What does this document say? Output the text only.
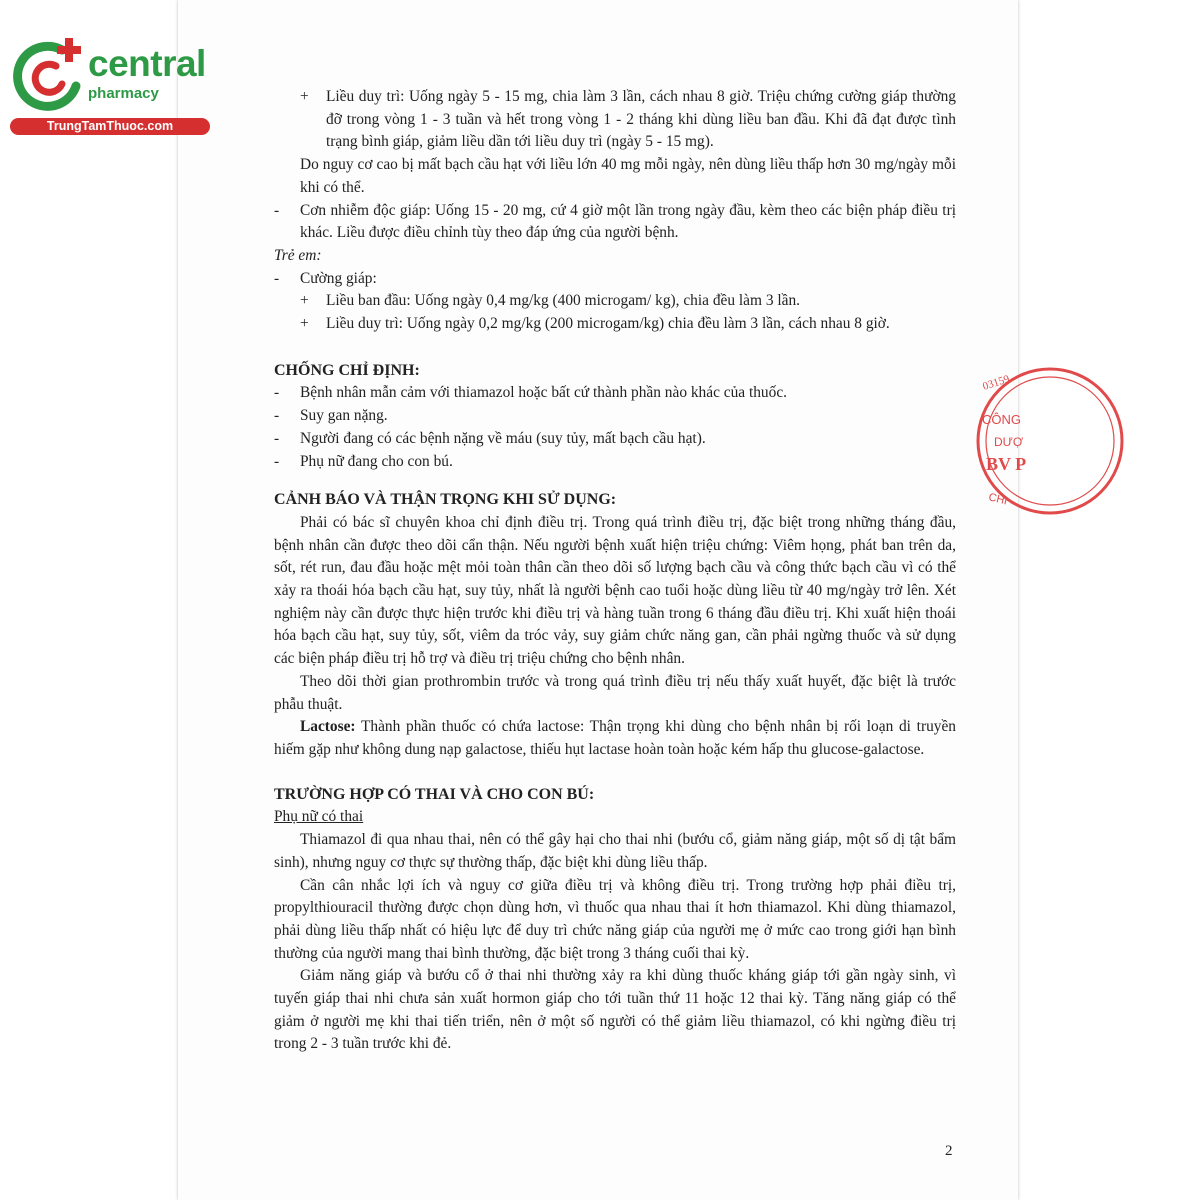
central
pharmacy
TrungTamThuoc.com
03159
CÔNG
DƯỢ
BV P
CHI -
+ Liều duy trì: Uống ngày 5 - 15 mg, chia làm 3 lần, cách nhau 8 giờ. Triệu chứng cường giáp thường đỡ trong vòng 1 - 3 tuần và hết trong vòng 1 - 2 tháng khi dùng liều ban đầu. Khi đã đạt được tình trạng bình giáp, giảm liều dần tới liều duy trì (ngày 5 - 15 mg).

Do nguy cơ cao bị mất bạch cầu hạt với liều lớn 40 mg mỗi ngày, nên dùng liều thấp hơn 30 mg/ngày mỗi khi có thể.

- Cơn nhiễm độc giáp: Uống 15 - 20 mg, cứ 4 giờ một lần trong ngày đầu, kèm theo các biện pháp điều trị khác. Liều được điều chỉnh tùy theo đáp ứng của người bệnh.

Trẻ em:

- Cường giáp:
+ Liều ban đầu: Uống ngày 0,4 mg/kg (400 microgam/ kg), chia đều làm 3 lần.
+ Liều duy trì: Uống ngày 0,2 mg/kg (200 microgam/kg) chia đều làm 3 lần, cách nhau 8 giờ.

CHỐNG CHỈ ĐỊNH:

- Bệnh nhân mẫn cảm với thiamazol hoặc bất cứ thành phần nào khác của thuốc.
- Suy gan nặng.
- Người đang có các bệnh nặng về máu (suy tủy, mất bạch cầu hạt).
- Phụ nữ đang cho con bú.

CẢNH BÁO VÀ THẬN TRỌNG KHI SỬ DỤNG:

Phải có bác sĩ chuyên khoa chỉ định điều trị. Trong quá trình điều trị, đặc biệt trong những tháng đầu, bệnh nhân cần được theo dõi cẩn thận. Nếu người bệnh xuất hiện triệu chứng: Viêm họng, phát ban trên da, sốt, rét run, đau đầu hoặc mệt mỏi toàn thân cần theo dõi số lượng bạch cầu và công thức bạch cầu vì có thể xảy ra thoái hóa bạch cầu hạt, suy tủy, nhất là người bệnh cao tuổi hoặc dùng liều từ 40 mg/ngày trở lên. Xét nghiệm này cần được thực hiện trước khi điều trị và hàng tuần trong 6 tháng đầu điều trị. Khi xuất hiện thoái hóa bạch cầu hạt, suy tủy, sốt, viêm da tróc vảy, suy giảm chức năng gan, cần phải ngừng thuốc và sử dụng các biện pháp điều trị hỗ trợ và điều trị triệu chứng cho bệnh nhân.

Theo dõi thời gian prothrombin trước và trong quá trình điều trị nếu thấy xuất huyết, đặc biệt là trước phẫu thuật.

Lactose: Thành phần thuốc có chứa lactose: Thận trọng khi dùng cho bệnh nhân bị rối loạn di truyền hiếm gặp như không dung nạp galactose, thiếu hụt lactase hoàn toàn hoặc kém hấp thu glucose-galactose.

TRƯỜNG HỢP CÓ THAI VÀ CHO CON BÚ:

Phụ nữ có thai

Thiamazol đi qua nhau thai, nên có thể gây hại cho thai nhi (bướu cổ, giảm năng giáp, một số dị tật bẩm sinh), nhưng nguy cơ thực sự thường thấp, đặc biệt khi dùng liều thấp.

Cần cân nhắc lợi ích và nguy cơ giữa điều trị và không điều trị. Trong trường hợp phải điều trị, propylthiouracil thường được chọn dùng hơn, vì thuốc qua nhau thai ít hơn thiamazol. Khi dùng thiamazol, phải dùng liều thấp nhất có hiệu lực để duy trì chức năng giáp của người mẹ ở mức cao trong giới hạn bình thường của người mang thai bình thường, đặc biệt trong 3 tháng cuối thai kỳ.

Giảm năng giáp và bướu cổ ở thai nhi thường xảy ra khi dùng thuốc kháng giáp tới gần ngày sinh, vì tuyến giáp thai nhi chưa sản xuất hormon giáp cho tới tuần thứ 11 hoặc 12 thai kỳ. Tăng năng giáp có thể giảm ở người mẹ khi thai tiến triển, nên ở một số người có thể giảm liều thiamazol, có khi ngừng điều trị trong 2 - 3 tuần trước khi đẻ.

2
